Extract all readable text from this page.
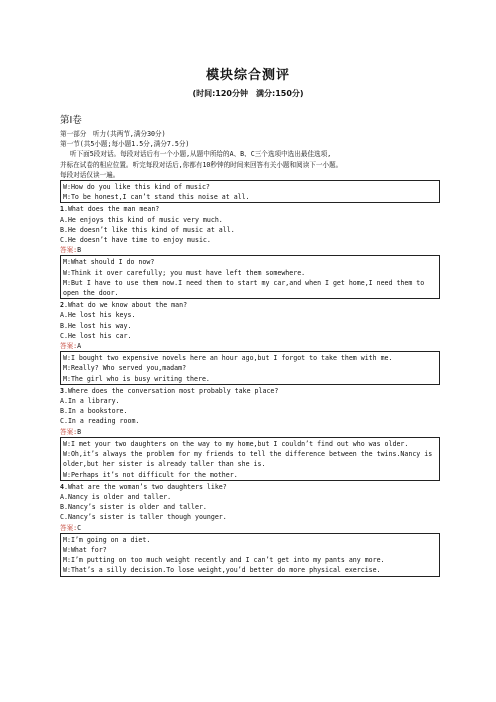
模块综合测评
(时间:120分钟　满分:150分)
第Ⅰ卷
第一部分　听力(共两节,满分30分)
第一节(共5小题;每小题1.5分,满分7.5分)
听下面5段对话。每段对话后有一个小题,从题中所给的A、B、C三个选项中选出最佳选项,
并标在试卷的相应位置。听完每段对话后,你都有10秒钟的时间来回答有关小题和阅读下一小题。
每段对话仅读一遍。
W:How do you like this kind of music?
M:To be honest,I can’t stand this noise at all.
1.What does the man mean?
A.He enjoys this kind of music very much.
B.He doesn’t like this kind of music at all.
C.He doesn’t have time to enjoy music.
答案:B
M:What should I do now?
W:Think it over carefully; you must have left them somewhere.
M:But I have to use them now.I need them to start my car,and when I get home,I need them to open the door.
2.What do we know about the man?
A.He lost his keys.
B.He lost his way.
C.He lost his car.
答案:A
W:I bought two expensive novels here an hour ago,but I forgot to take them with me.
M:Really? Who served you,madam?
M:The girl who is busy writing there.
3.Where does the conversation most probably take place?
A.In a library.
B.In a bookstore.
C.In a reading room.
答案:B
W:I met your two daughters on the way to my home,but I couldn’t find out who was older.
W:Oh,it’s always the problem for my friends to tell the difference between the twins.Nancy is older,but her sister is already taller than she is.
W:Perhaps it’s not difficult for the mother.
4.What are the woman’s two daughters like?
A.Nancy is older and taller.
B.Nancy’s sister is older and taller.
C.Nancy’s sister is taller though younger.
答案:C
M:I’m going on a diet.
W:What for?
M:I’m putting on too much weight recently and I can’t get into my pants any more.
W:That’s a silly decision.To lose weight,you’d better do more physical exercise.
